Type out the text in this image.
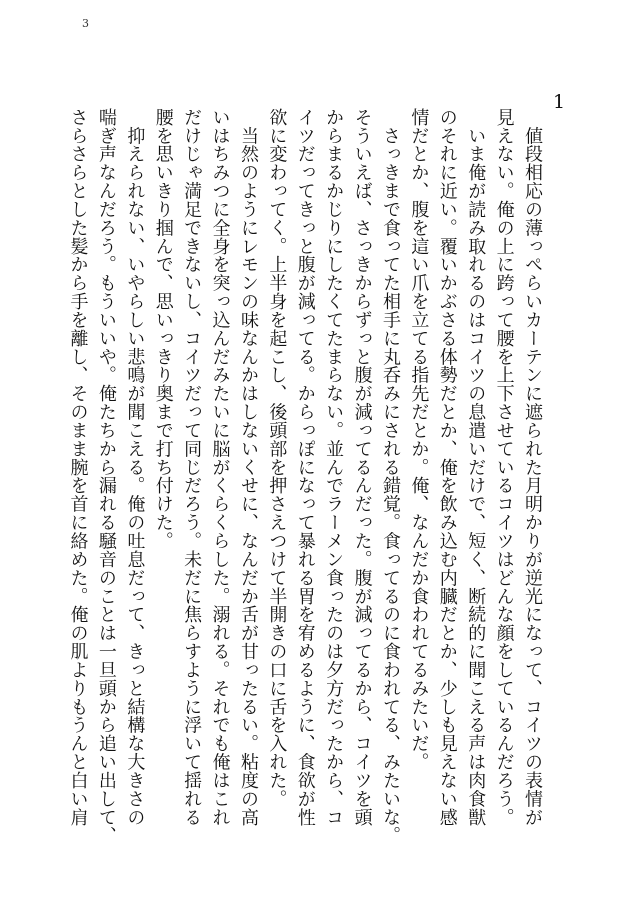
3
1
　値段相応の薄っぺらいカーテンに遮られた月明かりが逆光になって、コイツの表情が
見えない。俺の上に跨って腰を上下させているコイツはどんな顔をしているんだろう。
　いま俺が読み取れるのはコイツの息遣いだけで、短く、断続的に聞こえる声は肉食獣
のそれに近い。覆いかぶさる体勢だとか、俺を飲み込む内臓だとか、少しも見えない感
情だとか、腹を這い爪を立てる指先だとか。俺、なんだか食われてるみたいだ。
　さっきまで食ってた相手に丸呑みにされる錯覚。食ってるのに食われてる、みたいな。
そういえば、さっきからずっと腹が減ってるんだった。腹が減ってるから、コイツを頭
からまるかじりにしたくてたまらない。並んでラーメン食ったのは夕方だったから、コ
イツだってきっと腹が減ってる。からっぽになって暴れる胃を宥めるように、食欲が性
欲に変わってく。上半身を起こし、後頭部を押さえつけて半開きの口に舌を入れた。
　当然のようにレモンの味なんかはしないくせに、なんだか舌が甘ったるい。粘度の高
いはちみつに全身を突っ込んだみたいに脳がくらくらした。溺れる。それでも俺はこれ
だけじゃ満足できないし、コイツだって同じだろう。未だに焦らすように浮いて揺れる
腰を思いきり掴んで、思いっきり奥まで打ち付けた。
　抑えられない、いやらしい悲鳴が聞こえる。俺の吐息だって、きっと結構な大きさの
喘ぎ声なんだろう。もういいや。俺たちから漏れる騒音のことは一旦頭から追い出して、
さらさらとした髪から手を離し、そのまま腕を首に絡めた。俺の肌よりもうんと白い肩
